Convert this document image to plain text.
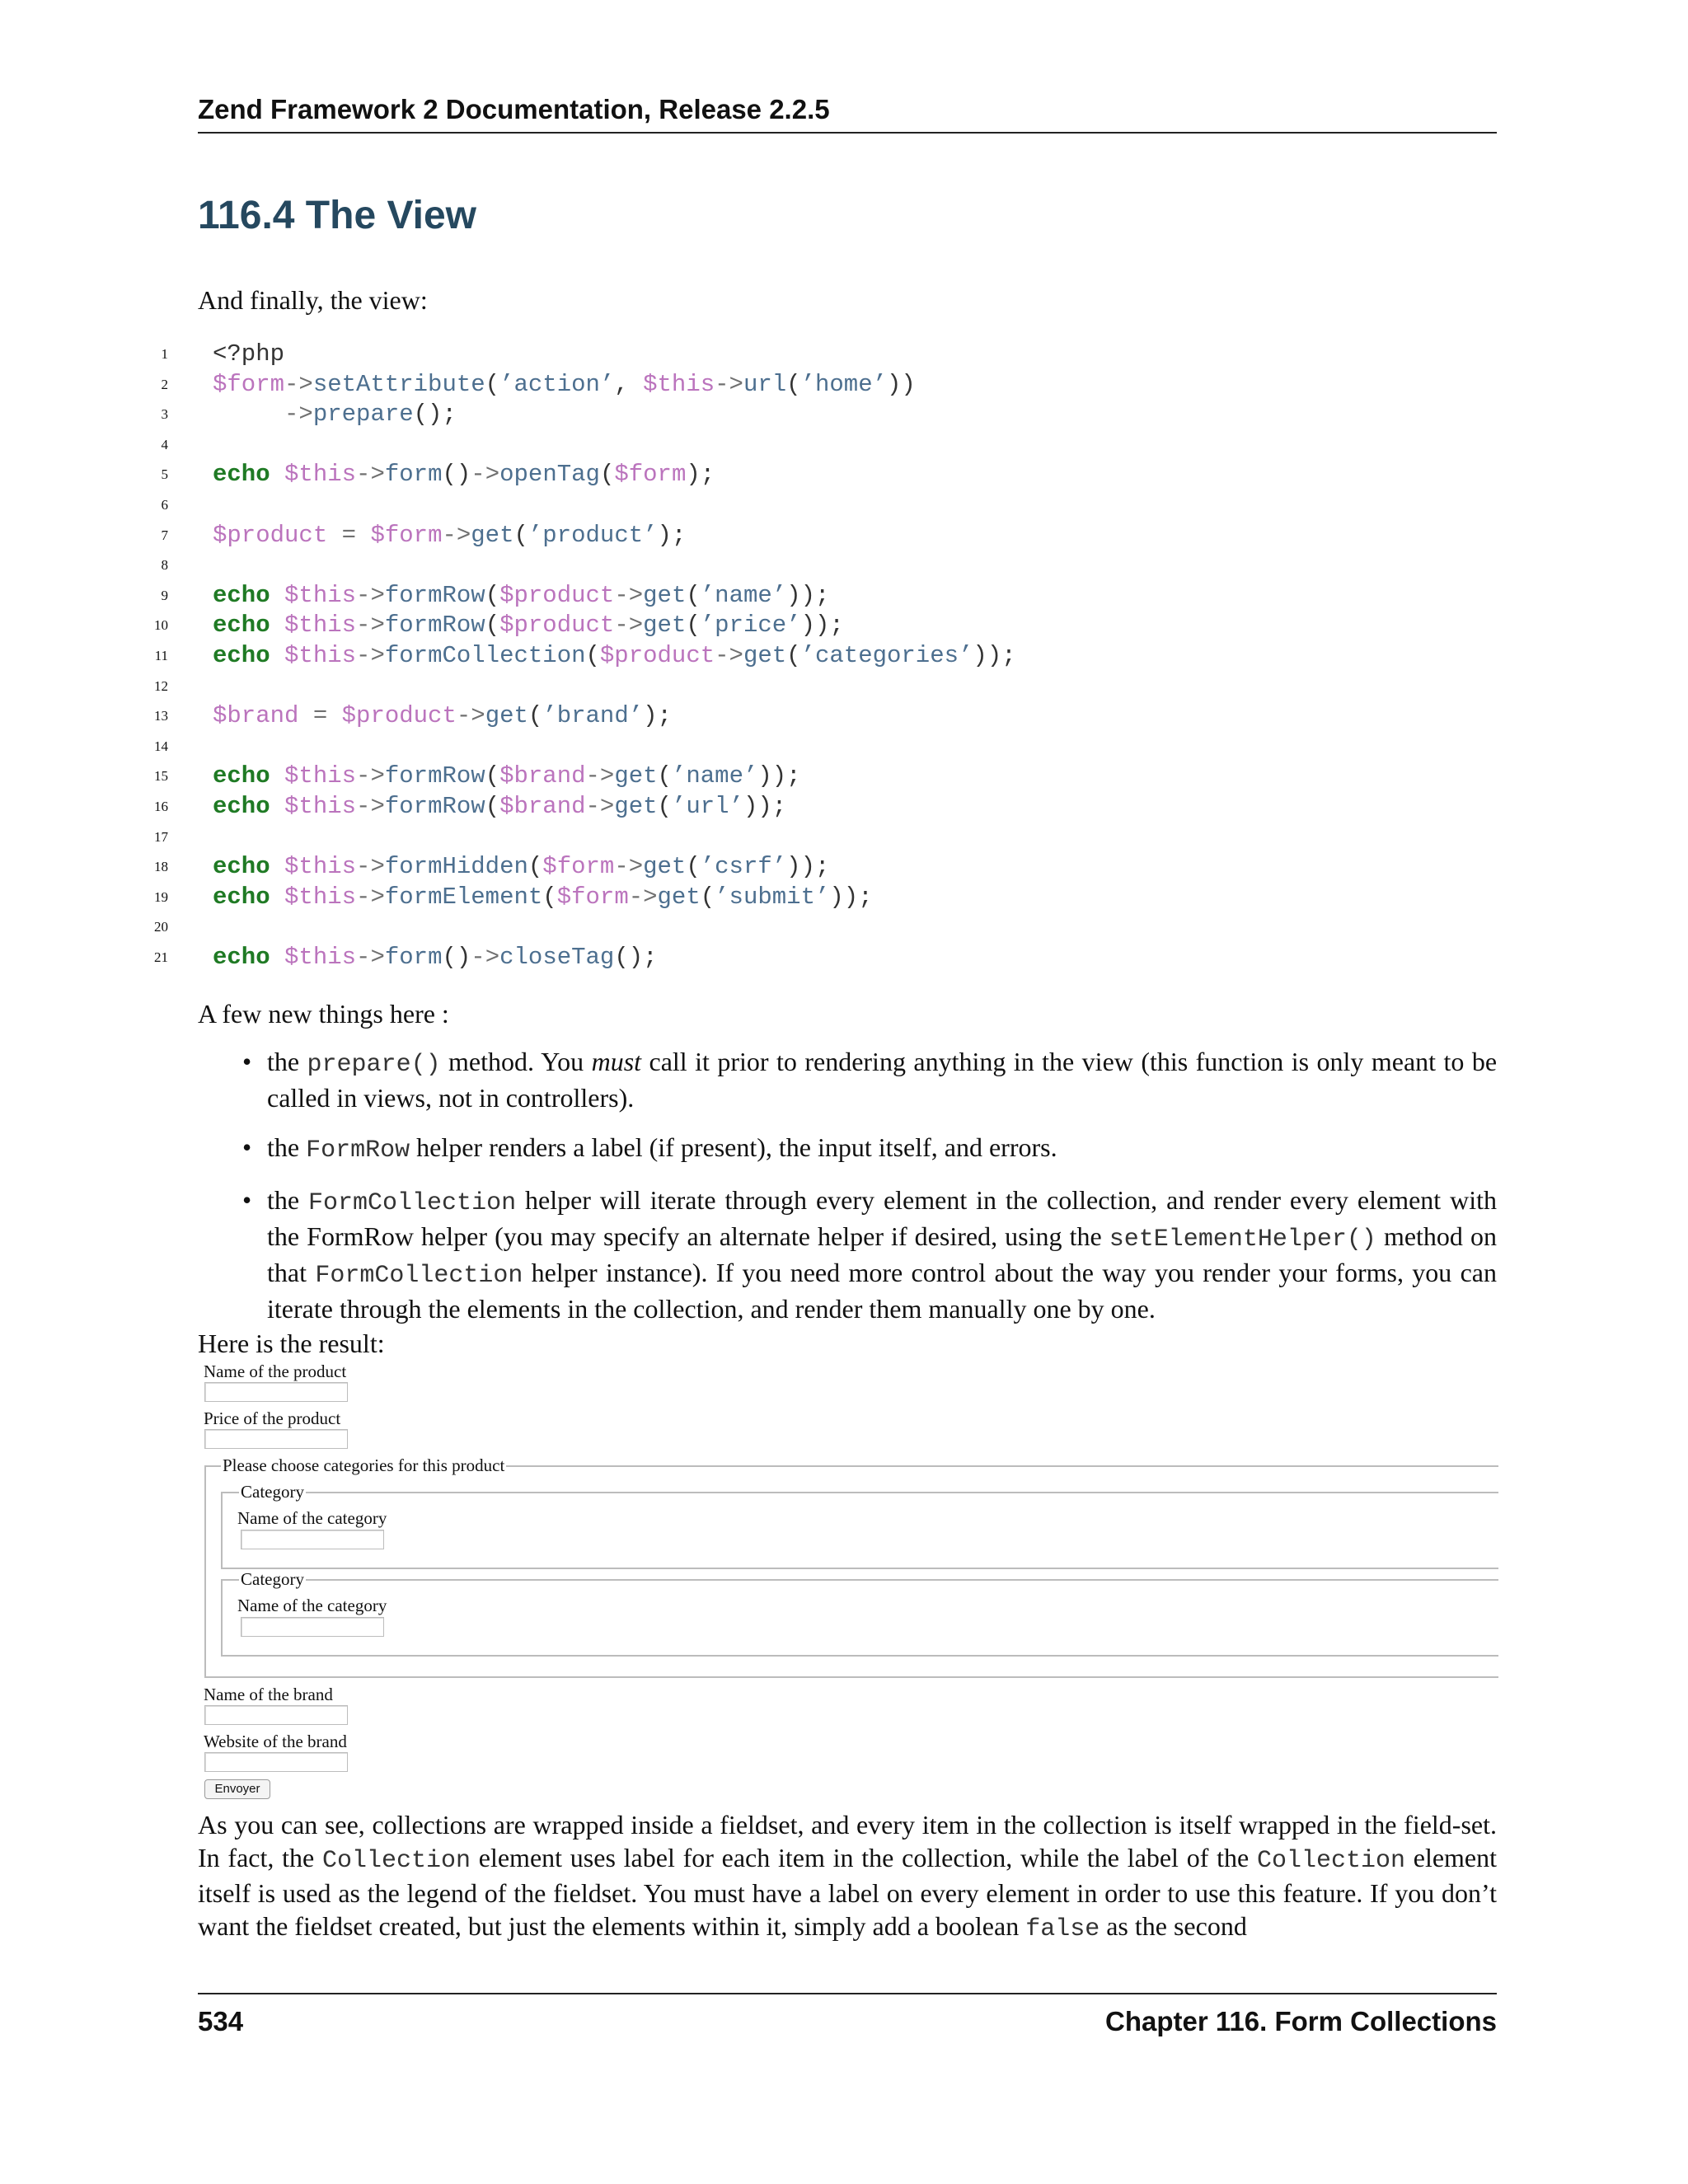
Zend Framework 2 Documentation, Release 2.2.5
116.4 The View
And finally, the view:
1 <?php
2 $form->setAttribute(’action’, $this->url(’home’))
3	->prepare();
4
5 echo $this->form()->openTag($form);
6
7 $product = $form->get(’product’);
8
9 echo $this->formRow($product->get(’name’));
10 echo $this->formRow($product->get(’price’));
11 echo $this->formCollection($product->get(’categories’));
12
13 $brand = $product->get(’brand’);
14
15 echo $this->formRow($brand->get(’name’));
16 echo $this->formRow($brand->get(’url’));
17
18 echo $this->formHidden($form->get(’csrf’));
19 echo $this->formElement($form->get(’submit’));
20
21 echo $this->form()->closeTag();
A few new things here :
• the prepare() method. You must call it prior to rendering anything in the view (this function is only meant to be called in views, not in controllers).
• the FormRow helper renders a label (if present), the input itself, and errors.
• the FormCollection helper will iterate through every element in the collection, and render every element with the FormRow helper (you may specify an alternate helper if desired, using the setElementHelper() method on that FormCollection helper instance). If you need more control about the way you render your forms, you can iterate through the elements in the collection, and render them manually one by one.
Here is the result:
Name of the product
Price of the product
Please choose categories for this product
Category
Name of the category
Category
Name of the category
Name of the brand
Website of the brand
Envoyer
As you can see, collections are wrapped inside a fieldset, and every item in the collection is itself wrapped in the field-set. In fact, the Collection element uses label for each item in the collection, while the label of the Collection element itself is used as the legend of the fieldset. You must have a label on every element in order to use this feature. If you don’t want the fieldset created, but just the elements within it, simply add a boolean false as the second
534	Chapter 116. Form Collections
